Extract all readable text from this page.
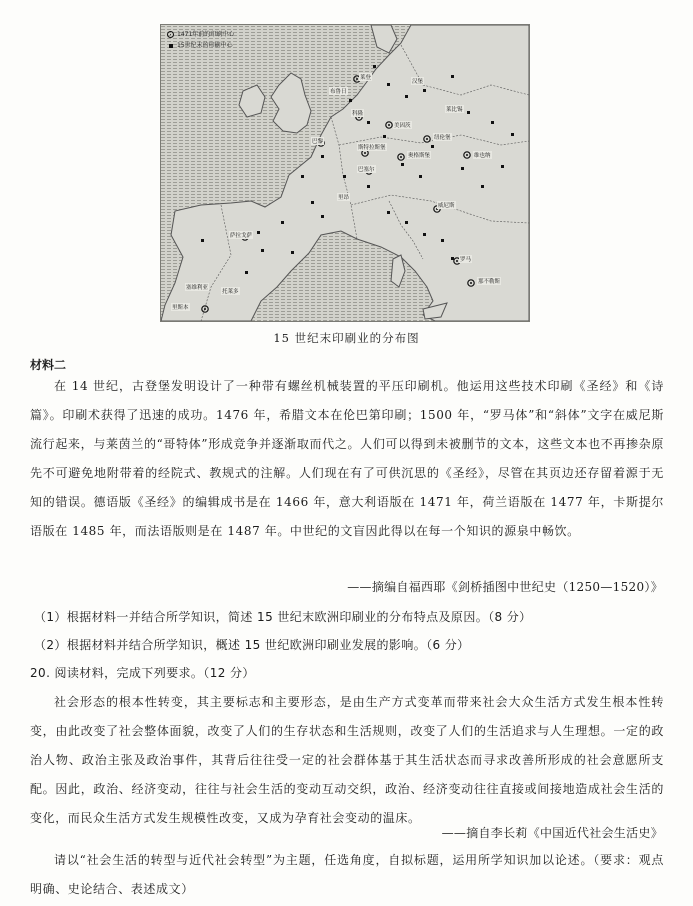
1471年前的印刷中心
15世纪末的印刷中心
莱登
科隆
里昂
美因茨
纽伦堡
斯特拉斯堡
巴塞尔
奥格斯堡	维也纳
威尼斯
罗马
那不勒斯
巴黎
萨拉戈萨
托莱多
塞维利亚
里斯本
布鲁日
汉堡
莱比锡
15 世纪末印刷业的分布图
材料二
在 14 世纪，古登堡发明设计了一种带有螺丝机械装置的平压印刷机。他运用这些技术印刷《圣经》和《诗篇》。印刷术获得了迅速的成功。1476 年，希腊文本在伦巴第印刷；1500 年，“罗马体”和“斜体”文字在威尼斯流行起来，与莱茵兰的“哥特体”形成竞争并逐渐取而代之。人们可以得到未被删节的文本，这些文本也不再掺杂原先不可避免地附带着的经院式、教规式的注解。人们现在有了可供沉思的《圣经》，尽管在其页边还存留着源于无知的错误。德语版《圣经》的编辑成书是在 1466 年，意大利语版在 1471 年，荷兰语版在 1477 年，卡斯提尔语版在 1485 年，而法语版则是在 1487 年。中世纪的文盲因此得以在每一个知识的源泉中畅饮。
——摘编自福西耶《剑桥插图中世纪史（1250—1520）》
（1）根据材料一并结合所学知识，简述 15 世纪末欧洲印刷业的分布特点及原因。（8 分）
（2）根据材料并结合所学知识，概述 15 世纪欧洲印刷业发展的影响。（6 分）
20. 阅读材料，完成下列要求。（12 分）
社会形态的根本性转变，其主要标志和主要形态，是由生产方式变革而带来社会大众生活方式发生根本性转变，由此改变了社会整体面貌，改变了人们的生存状态和生活规则，改变了人们的生活追求与人生理想。一定的政治人物、政治主张及政治事件，其背后往往受一定的社会群体基于其生活状态而寻求改善所形成的社会意愿所支配。因此，政治、经济变动，往往与社会生活的变动互动交织，政治、经济变动往往直接或间接地造成社会生活的变化，而民众生活方式发生规模性改变，又成为孕育社会变动的温床。
——摘自李长莉《中国近代社会生活史》
请以“社会生活的转型与近代社会转型”为主题，任选角度，自拟标题，运用所学知识加以论述。（要求：观点明确、史论结合、表述成文）
